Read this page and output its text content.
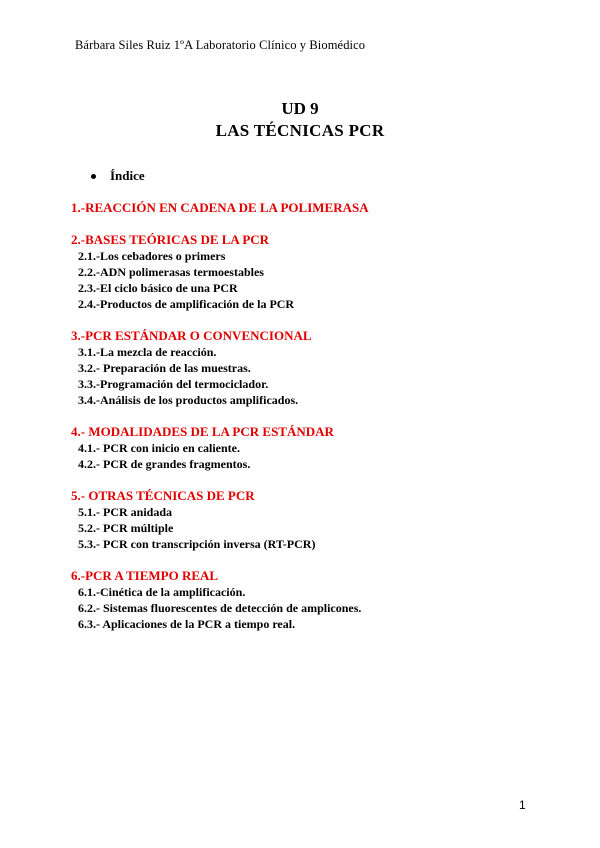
Bárbara Siles Ruiz 1ºA Laboratorio Clínico y Biomédico
UD 9
LAS TÉCNICAS PCR
Índice
1.-REACCIÓN EN CADENA DE LA POLIMERASA
2.-BASES TEÓRICAS DE LA PCR
2.1.-Los cebadores o primers
2.2.-ADN polimerasas termoestables
2.3.-El ciclo básico de una PCR
2.4.-Productos de amplificación de la PCR
3.-PCR ESTÁNDAR O CONVENCIONAL
3.1.-La mezcla de reacción.
3.2.- Preparación de las muestras.
3.3.-Programación del termociclador.
3.4.-Análisis de los productos amplificados.
4.- MODALIDADES DE LA PCR ESTÁNDAR
4.1.- PCR con inicio en caliente.
4.2.- PCR de grandes fragmentos.
5.- OTRAS TÉCNICAS DE PCR
5.1.- PCR anidada
5.2.- PCR múltiple
5.3.- PCR con transcripción inversa (RT-PCR)
6.-PCR A TIEMPO REAL
6.1.-Cinética de la amplificación.
6.2.- Sistemas fluorescentes de detección de amplicones.
6.3.- Aplicaciones de la PCR a tiempo real.
1
